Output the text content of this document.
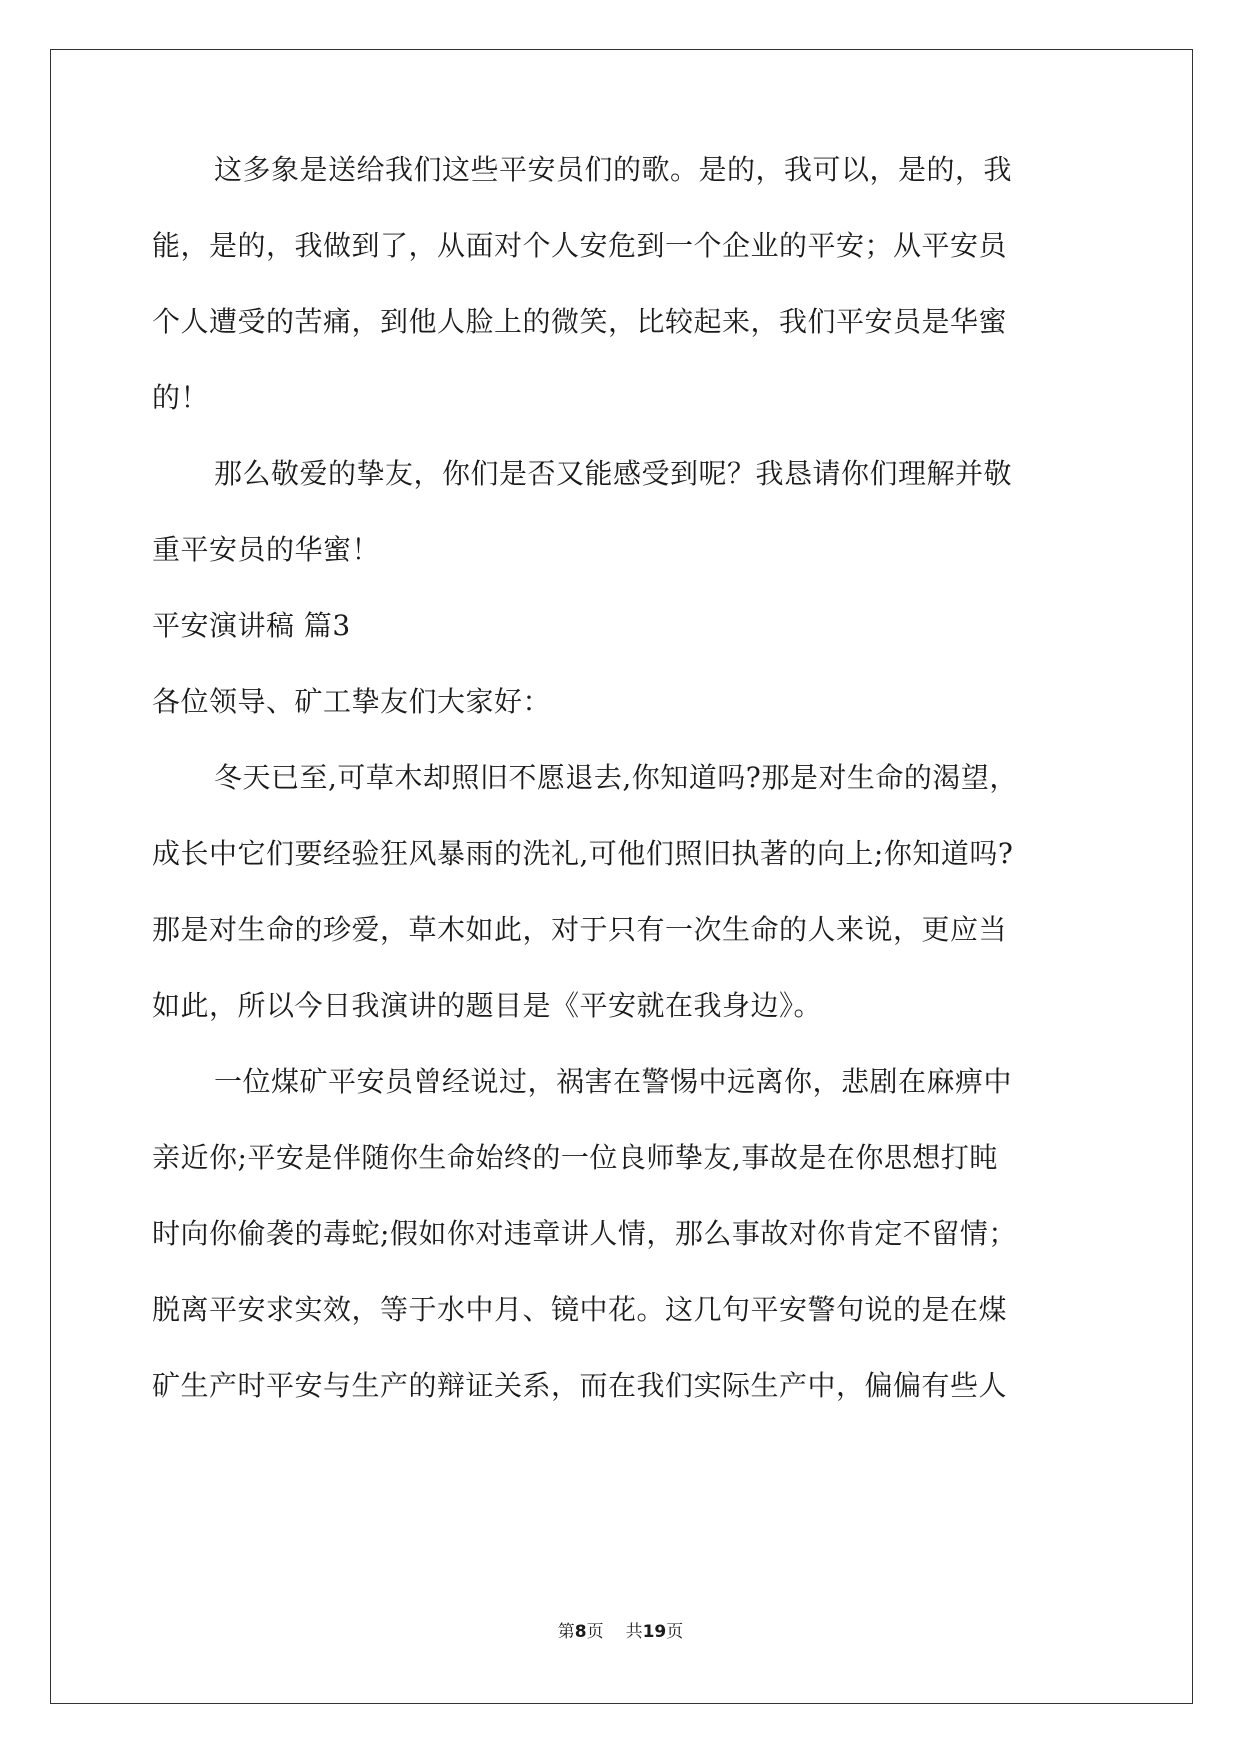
这多象是送给我们这些平安员们的歌。是的，我可以，是的，我
能，是的，我做到了，从面对个人安危到一个企业的平安；从平安员
个人遭受的苦痛，到他人脸上的微笑，比较起来，我们平安员是华蜜
的！
那么敬爱的挚友，你们是否又能感受到呢？我恳请你们理解并敬
重平安员的华蜜！
平安演讲稿 篇3
各位领导、矿工挚友们大家好：
冬天已至,可草木却照旧不愿退去,你知道吗?那是对生命的渴望，
成长中它们要经验狂风暴雨的洗礼,可他们照旧执著的向上;你知道吗?
那是对生命的珍爱，草木如此，对于只有一次生命的人来说，更应当
如此，所以今日我演讲的题目是《平安就在我身边》。
一位煤矿平安员曾经说过，祸害在警惕中远离你，悲剧在麻痹中
亲近你;平安是伴随你生命始终的一位良师挚友,事故是在你思想打盹
时向你偷袭的毒蛇;假如你对违章讲人情，那么事故对你肯定不留情；
脱离平安求实效，等于水中月、镜中花。这几句平安警句说的是在煤
矿生产时平安与生产的辩证关系，而在我们实际生产中，偏偏有些人
第8页 共19页
